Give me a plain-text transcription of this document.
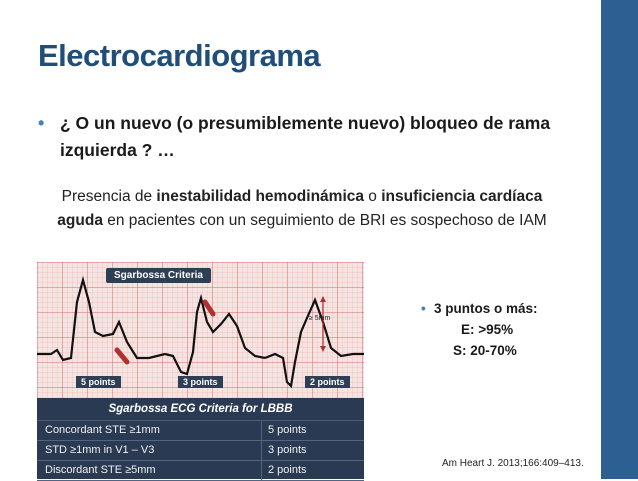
Electrocardiograma
• ¿ O un nuevo (o presumiblemente nuevo) bloqueo de rama izquierda ? …
Presencia de inestabilidad hemodinámica o insuficiencia cardíaca aguda en pacientes con un seguimiento de BRI es sospechoso de IAM
≥ 5mm
Sgarbossa Criteria
5 points	3 points	2 points
Sgarbossa ECG Criteria for LBBB
Concordant STE ≥1mm	5 points
STD ≥1mm in V1 – V3	3 points
Discordant STE ≥5mm	2 points
• 3 puntos o más:
E: >95%
S: 20-70%
Am Heart J. 2013;166:409–413.
